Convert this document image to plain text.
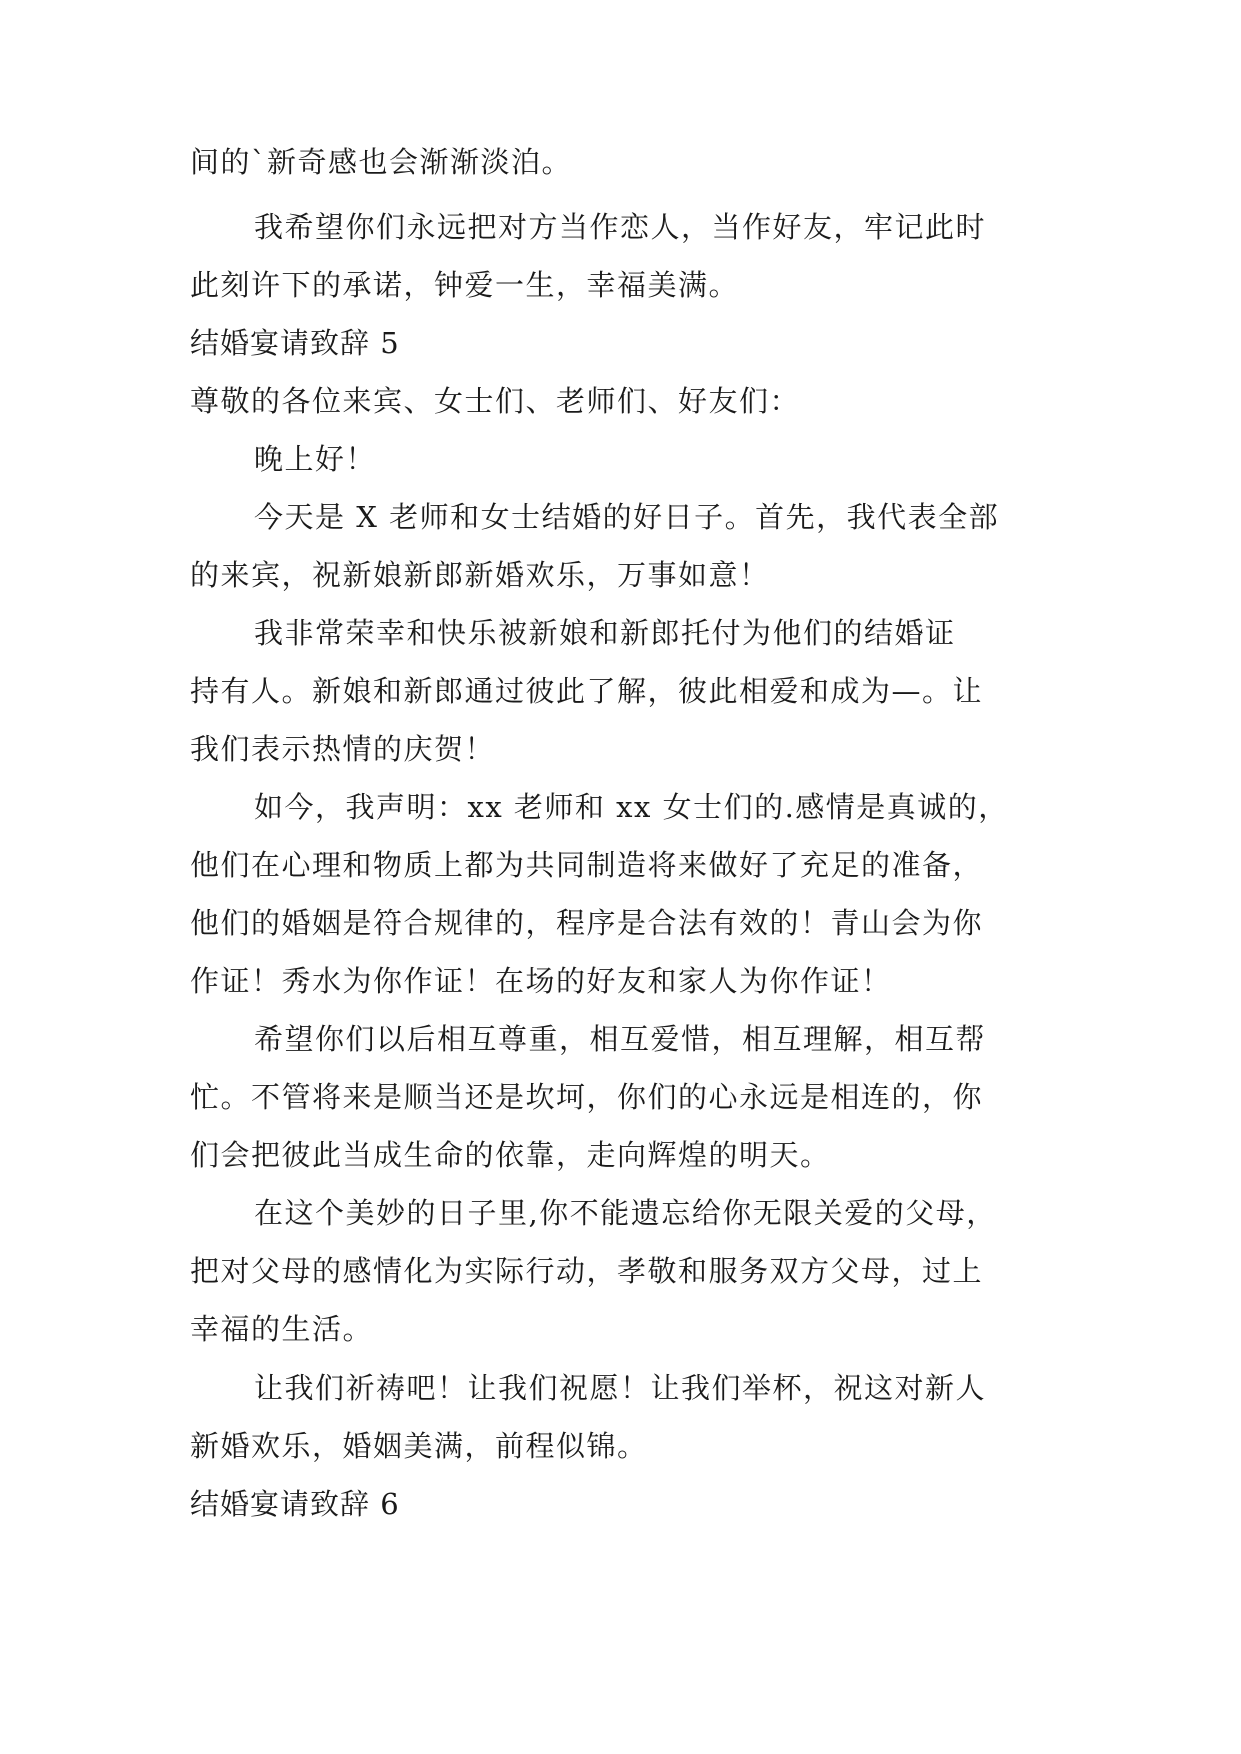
间的`新奇感也会渐渐淡泊。
我希望你们永远把对方当作恋人，当作好友，牢记此时
此刻许下的承诺，钟爱一生，幸福美满。
结婚宴请致辞 5
尊敬的各位来宾、女士们、老师们、好友们：
晚上好！
今天是 X 老师和女士结婚的好日子。首先，我代表全部
的来宾，祝新娘新郎新婚欢乐，万事如意！
我非常荣幸和快乐被新娘和新郎托付为他们的结婚证
持有人。新娘和新郎通过彼此了解，彼此相爱和成为—。让
我们表示热情的庆贺！
如今，我声明：xx 老师和 xx 女士们的.感情是真诚的，
他们在心理和物质上都为共同制造将来做好了充足的准备，
他们的婚姻是符合规律的，程序是合法有效的！青山会为你
作证！秀水为你作证！在场的好友和家人为你作证！
希望你们以后相互尊重，相互爱惜，相互理解，相互帮
忙。不管将来是顺当还是坎坷，你们的心永远是相连的，你
们会把彼此当成生命的依靠，走向辉煌的明天。
在这个美妙的日子里,你不能遗忘给你无限关爱的父母，
把对父母的感情化为实际行动，孝敬和服务双方父母，过上
幸福的生活。
让我们祈祷吧！让我们祝愿！让我们举杯，祝这对新人
新婚欢乐，婚姻美满，前程似锦。
结婚宴请致辞 6
